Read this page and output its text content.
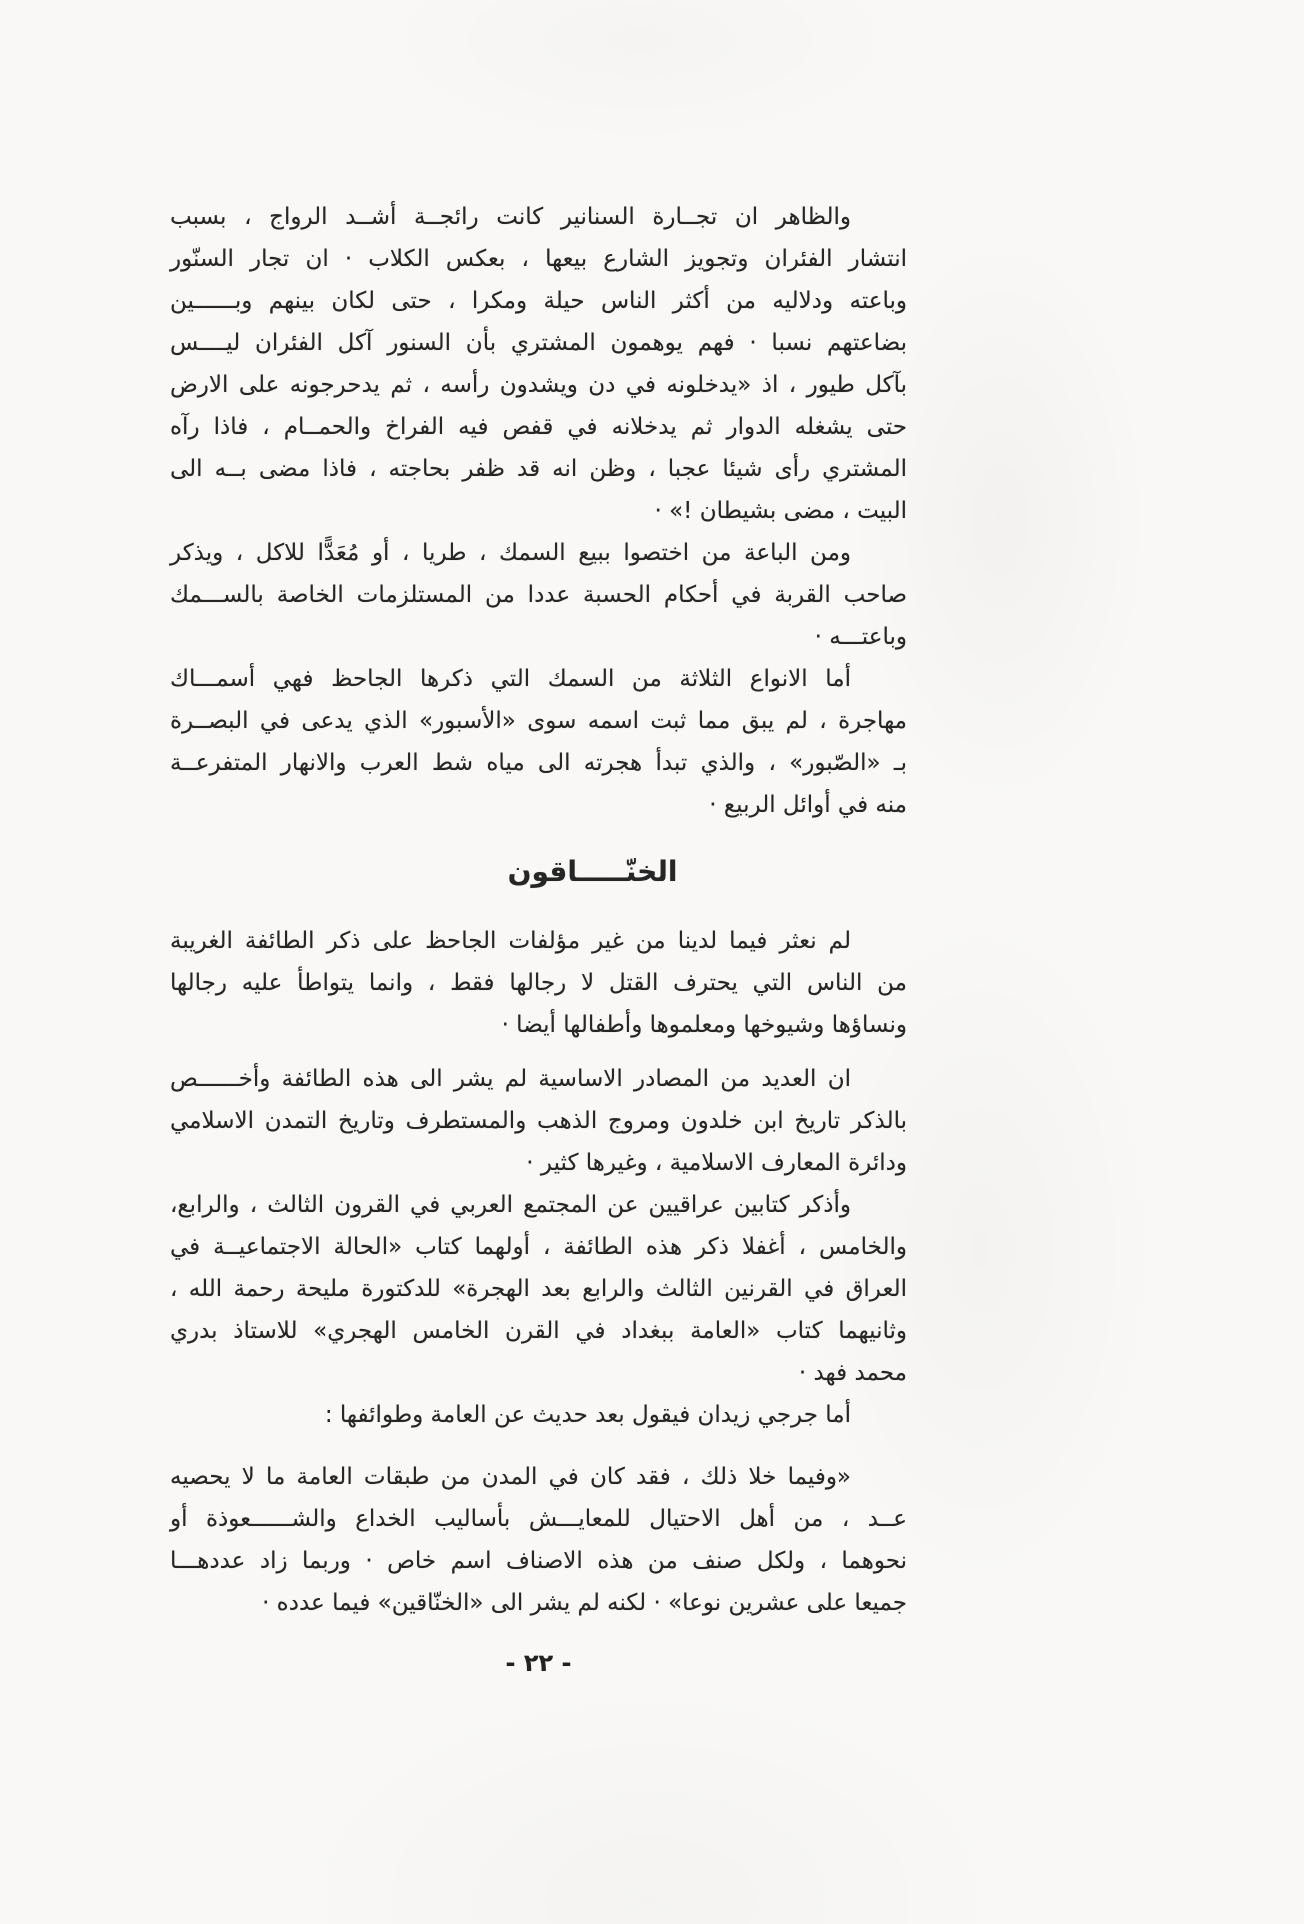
والظاهر ان تجــارة السنانير كانت رائجــة أشــد الرواج ، بسبب
انتشار الفئران وتجويز الشارع بيعها ، بعكس الكلاب · ان تجار السنّور
وباعته ودلاليه من أكثر الناس حيلة ومكرا ، حتى لكان بينهم وبــــــين
بضاعتهم نسبا · فهم يوهمون المشتري بأن السنور آكل الفئران ليــــس
بآكل طيور ، اذ «يدخلونه في دن ويشدون رأسه ، ثم يدحرجونه على الارض
حتى يشغله الدوار ثم يدخلانه في قفص فيه الفراخ والحمــام ، فاذا رآه
المشتري رأى شيئا عجبا ، وظن انه قد ظفر بحاجته ، فاذا مضى بــه الى
البيت ، مضى بشيطان !» ·
ومن الباعة من اختصوا ببيع السمك ، طريا ، أو مُعَدًّا للاكل ، ويذكر
صاحب القربة في أحكام الحسبة عددا من المستلزمات الخاصة بالســـمك
وباعتـــه ·
أما الانواع الثلاثة من السمك التي ذكرها الجاحظ فهي أسمـــاك
مهاجرة ، لم يبق مما ثبت اسمه سوى «الأسبور» الذي يدعى في البصــرة
بـ «الصّبور» ، والذي تبدأ هجرته الى مياه شط العرب والانهار المتفرعــة
منه في أوائل الربيع ·
الخنّـــــاقون
لم نعثر فيما لدينا من غير مؤلفات الجاحظ على ذكر الطائفة الغريبة
من الناس التي يحترف القتل لا رجالها فقط ، وانما يتواطأ عليه رجالها
ونساؤها وشيوخها ومعلموها وأطفالها أيضا ·
ان العديد من المصادر الاساسية لم يشر الى هذه الطائفة وأخــــــص
بالذكر تاريخ ابن خلدون ومروج الذهب والمستطرف وتاريخ التمدن الاسلامي
ودائرة المعارف الاسلامية ، وغيرها كثير ·
وأذكر كتابين عراقيين عن المجتمع العربي في القرون الثالث ، والرابع،
والخامس ، أغفلا ذكر هذه الطائفة ، أولهما كتاب «الحالة الاجتماعيــة في
العراق في القرنين الثالث والرابع بعد الهجرة» للدكتورة مليحة رحمة الله ،
وثانيهما كتاب «العامة ببغداد في القرن الخامس الهجري» للاستاذ بدري
محمد فهد ·
أما جرجي زيدان فيقول بعد حديث عن العامة وطوائفها :
«وفيما خلا ذلك ، فقد كان في المدن من طبقات العامة ما لا يحصيه
عــد ، من أهل الاحتيال للمعايـــش بأساليب الخداع والشــــــعوذة أو
نحوهما ، ولكل صنف من هذه الاصناف اسم خاص · وربما زاد عددهـــا
جميعا على عشرين نوعا» · لكنه لم يشر الى «الخنّاقين» فيما عدده ·
- ٢٢ -
